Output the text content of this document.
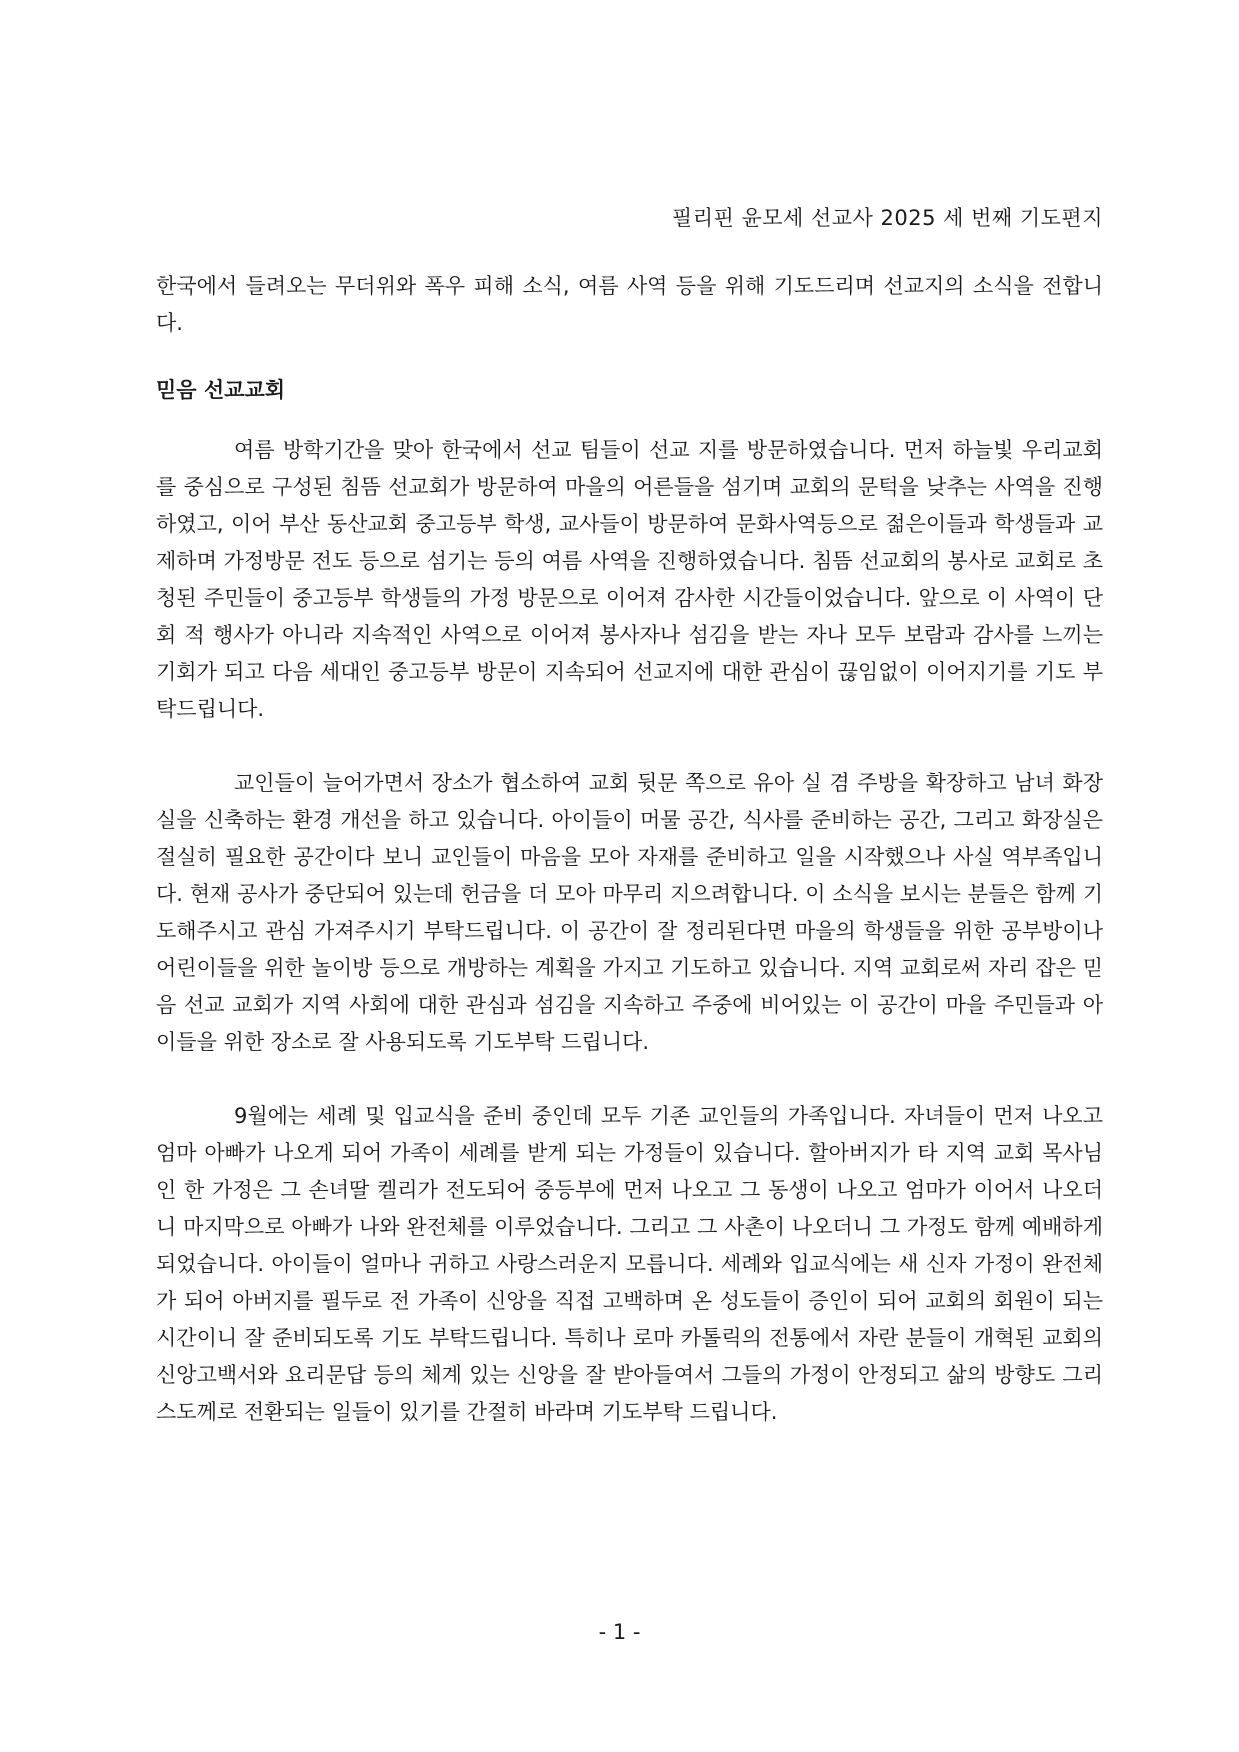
필리핀 윤모세 선교사 2025 세 번째 기도편지

한국에서 들려오는 무더위와 폭우 피해 소식, 여름 사역 등을 위해 기도드리며 선교지의 소식을 전합니다.

믿음 선교교회

여름 방학기간을 맞아 한국에서 선교 팀들이 선교 지를 방문하였습니다. 먼저 하늘빛 우리교회를 중심으로 구성된 침뜸 선교회가 방문하여 마을의 어른들을 섬기며 교회의 문턱을 낮추는 사역을 진행하였고, 이어 부산 동산교회 중고등부 학생, 교사들이 방문하여 문화사역등으로 젊은이들과 학생들과 교제하며 가정방문 전도 등으로 섬기는 등의 여름 사역을 진행하였습니다. 침뜸 선교회의 봉사로 교회로 초청된 주민들이 중고등부 학생들의 가정 방문으로 이어져 감사한 시간들이었습니다. 앞으로 이 사역이 단회 적 행사가 아니라 지속적인 사역으로 이어져 봉사자나 섬김을 받는 자나 모두 보람과 감사를 느끼는 기회가 되고 다음 세대인 중고등부 방문이 지속되어 선교지에 대한 관심이 끊임없이 이어지기를 기도 부탁드립니다.

교인들이 늘어가면서 장소가 협소하여 교회 뒷문 쪽으로 유아 실 겸 주방을 확장하고 남녀 화장실을 신축하는 환경 개선을 하고 있습니다. 아이들이 머물 공간, 식사를 준비하는 공간, 그리고 화장실은 절실히 필요한 공간이다 보니 교인들이 마음을 모아 자재를 준비하고 일을 시작했으나 사실 역부족입니다. 현재 공사가 중단되어 있는데 헌금을 더 모아 마무리 지으려합니다. 이 소식을 보시는 분들은 함께 기도해주시고 관심 가져주시기 부탁드립니다. 이 공간이 잘 정리된다면 마을의 학생들을 위한 공부방이나 어린이들을 위한 놀이방 등으로 개방하는 계획을 가지고 기도하고 있습니다. 지역 교회로써 자리 잡은 믿음 선교 교회가 지역 사회에 대한 관심과 섬김을 지속하고 주중에 비어있는 이 공간이 마을 주민들과 아이들을 위한 장소로 잘 사용되도록 기도부탁 드립니다.

9월에는 세례 및 입교식을 준비 중인데 모두 기존 교인들의 가족입니다. 자녀들이 먼저 나오고 엄마 아빠가 나오게 되어 가족이 세례를 받게 되는 가정들이 있습니다. 할아버지가 타 지역 교회 목사님인 한 가정은 그 손녀딸 켈리가 전도되어 중등부에 먼저 나오고 그 동생이 나오고 엄마가 이어서 나오더니 마지막으로 아빠가 나와 완전체를 이루었습니다. 그리고 그 사촌이 나오더니 그 가정도 함께 예배하게 되었습니다. 아이들이 얼마나 귀하고 사랑스러운지 모릅니다. 세례와 입교식에는 새 신자 가정이 완전체가 되어 아버지를 필두로 전 가족이 신앙을 직접 고백하며 온 성도들이 증인이 되어 교회의 회원이 되는 시간이니 잘 준비되도록 기도 부탁드립니다. 특히나 로마 카톨릭의 전통에서 자란 분들이 개혁된 교회의 신앙고백서와 요리문답 등의 체계 있는 신앙을 잘 받아들여서 그들의 가정이 안정되고 삶의 방향도 그리스도께로 전환되는 일들이 있기를 간절히 바라며 기도부탁 드립니다.

- 1 -
